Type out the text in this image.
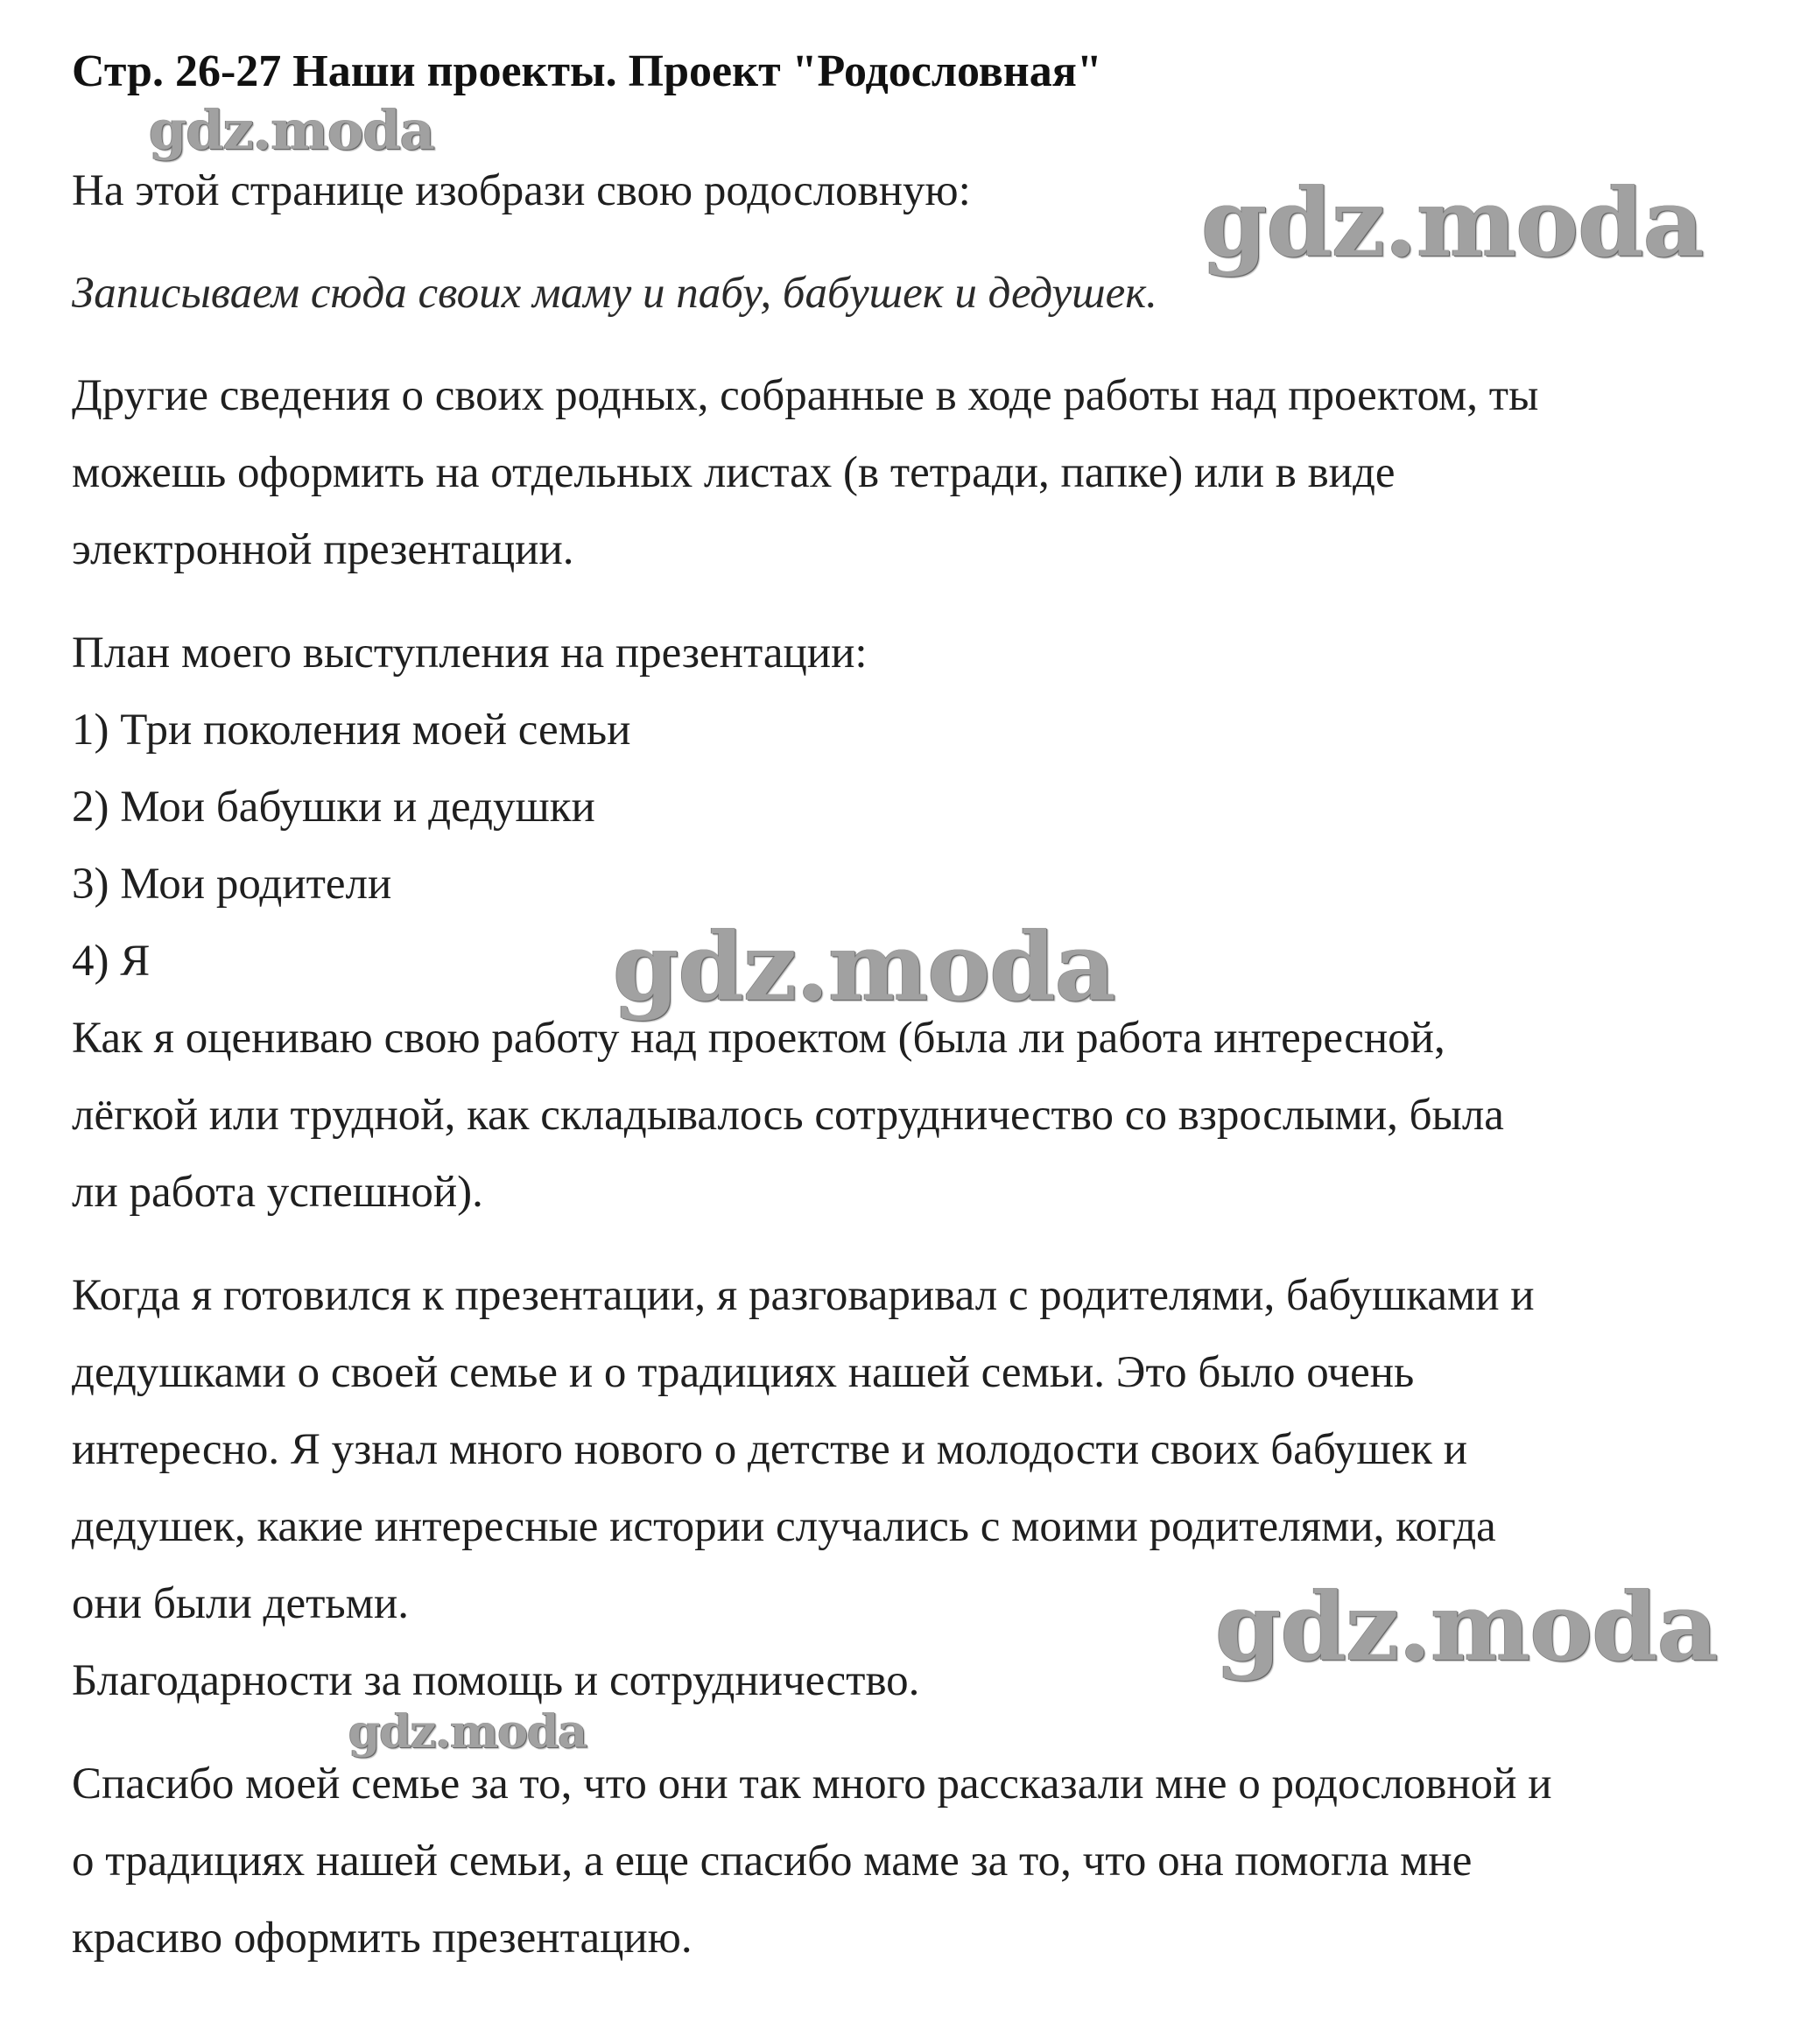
Стр. 26-27 Наши проекты. Проект "Родословная"
gdz.moda
На этой странице изобрази свою родословную: gdz.moda
Записываем сюда своих маму и пабу, бабушек и дедушек.
Другие сведения о своих родных, собранные в ходе работы над проектом, ты
можешь оформить на отдельных листах (в тетради, папке) или в виде
электронной презентации.
План моего выступления на презентации:
1) Три поколения моей семьи
2) Мои бабушки и дедушки
3) Мои родители
4) Я	gdz.moda
Как я оцениваю свою работу над проектом (была ли работа интересной,
лёгкой или трудной, как складывалось сотрудничество со взрослыми, была
ли работа успешной).
Когда я готовился к презентации, я разговаривал с родителями, бабушками и
дедушками о своей семье и о традициях нашей семьи. Это было очень
интересно. Я узнал много нового о детстве и молодости своих бабушек и
дедушек, какие интересные истории случались с моими родителями, когда
они были детьми.	gdz.moda
Благодарности за помощь и сотрудничество.
gdz.moda
Спасибо моей семье за то, что они так много рассказали мне о родословной и
о традициях нашей семьи, а еще спасибо маме за то, что она помогла мне
красиво оформить презентацию.
